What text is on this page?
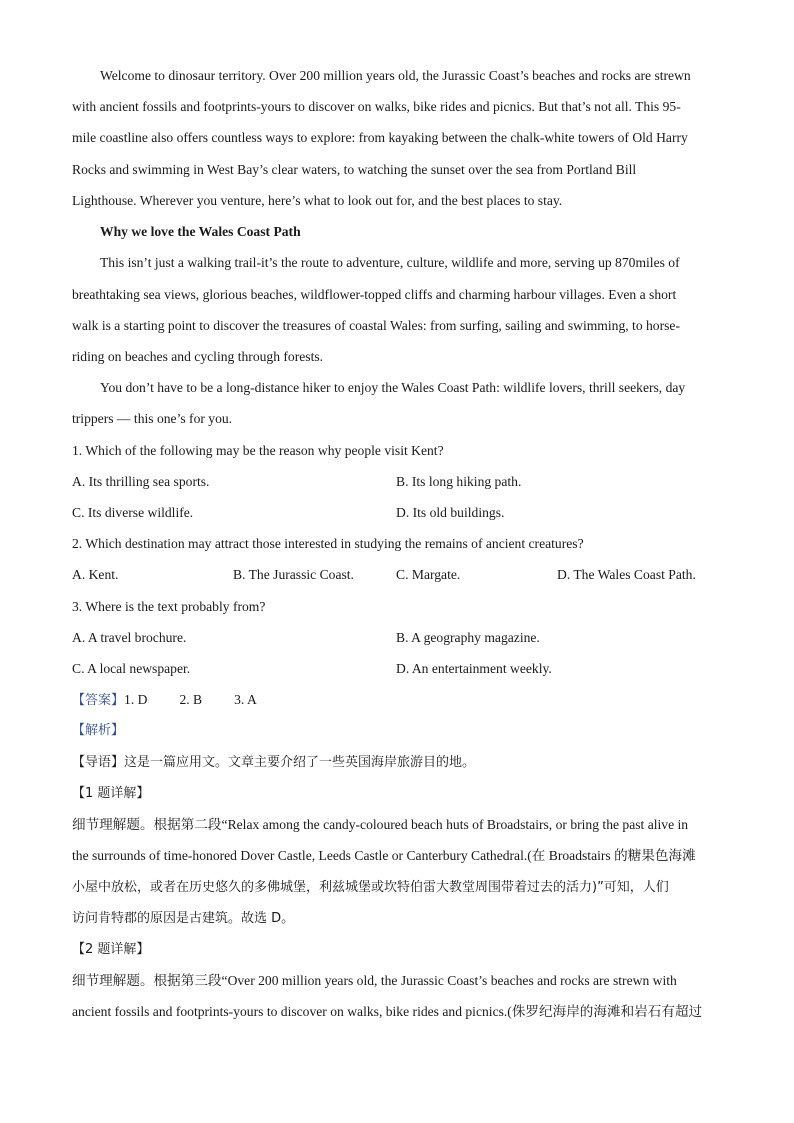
Welcome to dinosaur territory. Over 200 million years old, the Jurassic Coast’s beaches and rocks are strewn
with ancient fossils and footprints-yours to discover on walks, bike rides and picnics. But that’s not all. This 95-
mile coastline also offers countless ways to explore: from kayaking between the chalk-white towers of Old Harry
Rocks and swimming in West Bay’s clear waters, to watching the sunset over the sea from Portland Bill
Lighthouse. Wherever you venture, here’s what to look out for, and the best places to stay.
Why we love the Wales Coast Path
This isn’t just a walking trail-it’s the route to adventure, culture, wildlife and more, serving up 870miles of
breathtaking sea views, glorious beaches, wildflower-topped cliffs and charming harbour villages. Even a short
walk is a starting point to discover the treasures of coastal Wales: from surfing, sailing and swimming, to horse-
riding on beaches and cycling through forests.
You don’t have to be a long-distance hiker to enjoy the Wales Coast Path: wildlife lovers, thrill seekers, day
trippers — this one’s for you.
1. Which of the following may be the reason why people visit Kent?
A. Its thrilling sea sports.	B. Its long hiking path.
C. Its diverse wildlife.	D. Its old buildings.
2. Which destination may attract those interested in studying the remains of ancient creatures?
A. Kent.	B. The Jurassic Coast.	C. Margate.	D. The Wales Coast Path.
3. Where is the text probably from?
A. A travel brochure.	B. A geography magazine.
C. A local newspaper.	D. An entertainment weekly.
【答案】1. D 2. B 3. A
【解析】
【导语】这是一篇应用文。文章主要介绍了一些英国海岸旅游目的地。
【1 题详解】
细节理解题。根据第二段“Relax among the candy-coloured beach huts of Broadstairs, or bring the past alive in
the surrounds of time-honored Dover Castle, Leeds Castle or Canterbury Cathedral.(在 Broadstairs 的糖果色海滩
小屋中放松，或者在历史悠久的多佛城堡，利兹城堡或坎特伯雷大教堂周围带着过去的活力)”可知，人们
访问肯特郡的原因是古建筑。故选 D。
【2 题详解】
细节理解题。根据第三段“Over 200 million years old, the Jurassic Coast’s beaches and rocks are strewn with
ancient fossils and footprints-yours to discover on walks, bike rides and picnics.(侏罗纪海岸的海滩和岩石有超过
